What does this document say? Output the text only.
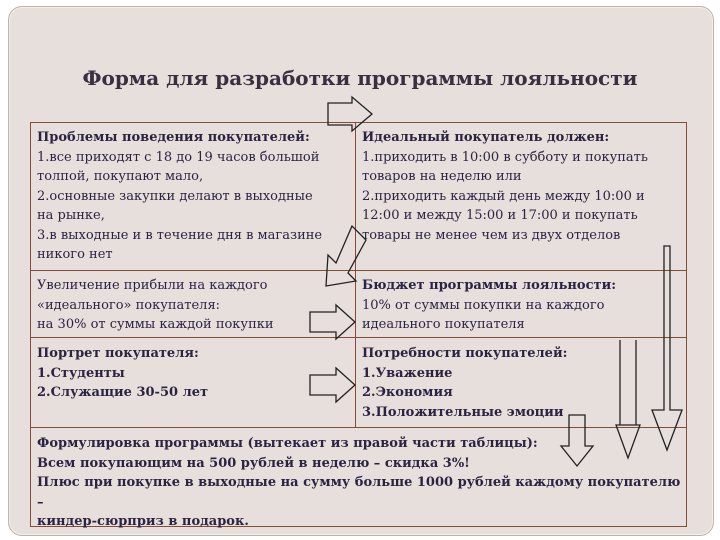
Форма для разработки программы лояльности
Проблемы поведения покупателей:
1.все приходят с 18 до 19 часов большой
толпой, покупают мало,
2.основные закупки делают в выходные
на рынке,
3.в выходные и в течение дня в магазине
никого нет
Идеальный покупатель должен:
1.приходить в 10:00 в субботу и покупать
товаров на неделю или
2.приходить каждый день между 10:00 и
12:00 и между 15:00 и 17:00 и покупать
товары не менее чем из двух отделов
Увеличение прибыли на каждого
«идеального» покупателя:
на 30% от суммы каждой покупки
Бюджет программы лояльности:
10% от суммы покупки на каждого
идеального покупателя
Портрет покупателя:
1.Студенты
2.Служащие 30-50 лет
Потребности покупателей:
1.Уважение
2.Экономия
3.Положительные эмоции
Формулировка программы (вытекает из правой части таблицы):
Всем покупающим на 500 рублей в неделю – скидка 3%!
Плюс при покупке в выходные на сумму больше 1000 рублей каждому покупателю –
киндер-сюрприз в подарок.
